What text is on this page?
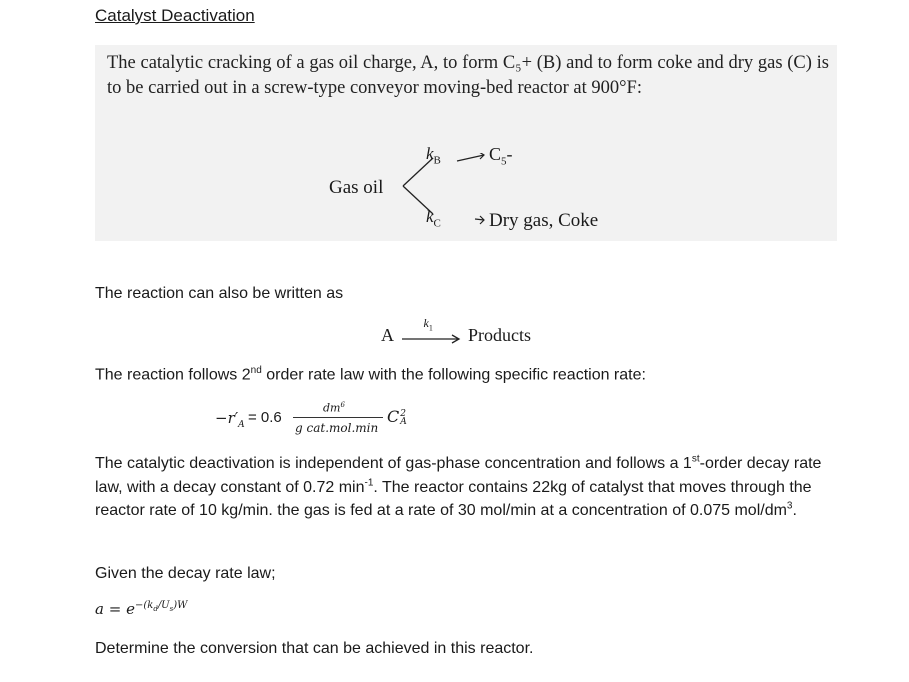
Catalyst Deactivation

The catalytic cracking of a gas oil charge, A, to form C₅+ (B) and to form coke and dry gas (C) is to be carried out in a screw-type conveyor moving-bed reactor at 900°F:

Gas oil
$k_B$	$C_5-$
$k_C$	Dry gas, Coke
The reaction can also be written as
A
$k_1$ Products
The reaction follows 2nd order rate law with the following specific reaction rate:
$-r'_A = 0.6$
$dm^6$
g cat.mol.min
C 2
A
The catalytic deactivation is independent of gas-phase concentration and follows a 1st-order decay rate law, with a decay constant of 0.72 $\min^{-1}$. The reactor contains 22kg of catalyst that moves through the reactor rate of 10 kg/min. the gas is fed at a rate of 30 mol/min at a concentration of 0.075 mol/$dm^3$.
Given the decay rate law;
$a = e^{-(k_d/U_s)W}$
Determine the conversion that can be achieved in this reactor.
